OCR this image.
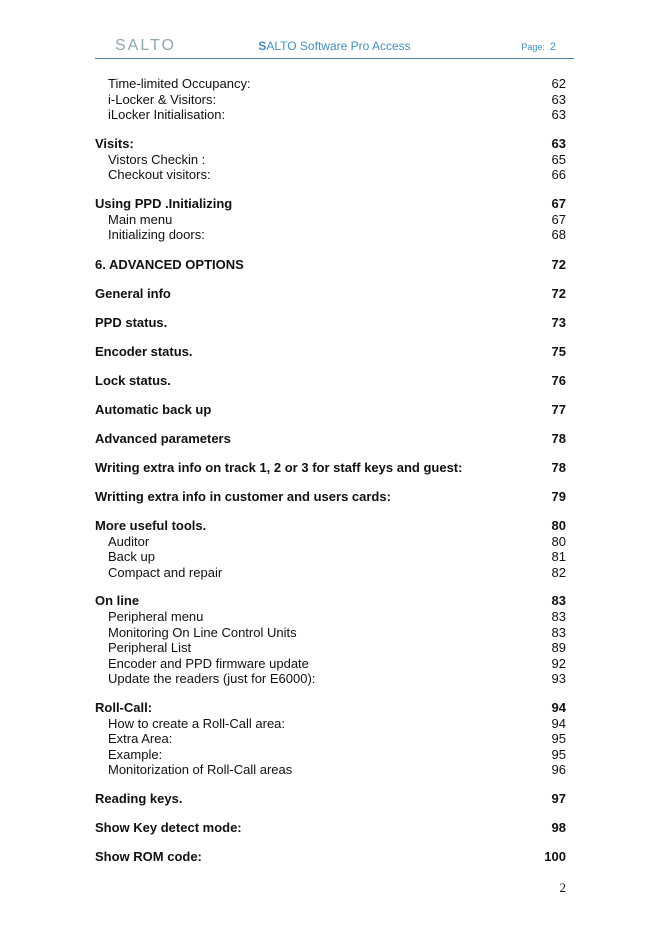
SALTO	SALTO Software Pro Access	Page: 2
Time-limited Occupancy:	62
i-Locker & Visitors:	63
iLocker Initialisation:	63
Visits:	63
Vistors Checkin :	65
Checkout visitors:	66
Using PPD .Initializing	67
Main menu	67
Initializing doors:	68
6. ADVANCED OPTIONS	72
General info	72
PPD status.	73
Encoder status.	75
Lock status.	76
Automatic back up	77
Advanced parameters	78
Writing extra info on track 1, 2 or 3 for staff keys and guest:	78
Writting extra info in customer and users cards:	79
More useful tools.	80
Auditor	80
Back up	81
Compact and repair	82
On line	83
Peripheral menu	83
Monitoring On Line Control Units	83
Peripheral List	89
Encoder and PPD firmware update	92
Update the readers (just for E6000):	93
Roll-Call:	94
How to create a Roll-Call area:	94
Extra Area:	95
Example:	95
Monitorization of Roll-Call areas	96
Reading keys.	97
Show Key detect mode:	98
Show ROM code:	100
2
